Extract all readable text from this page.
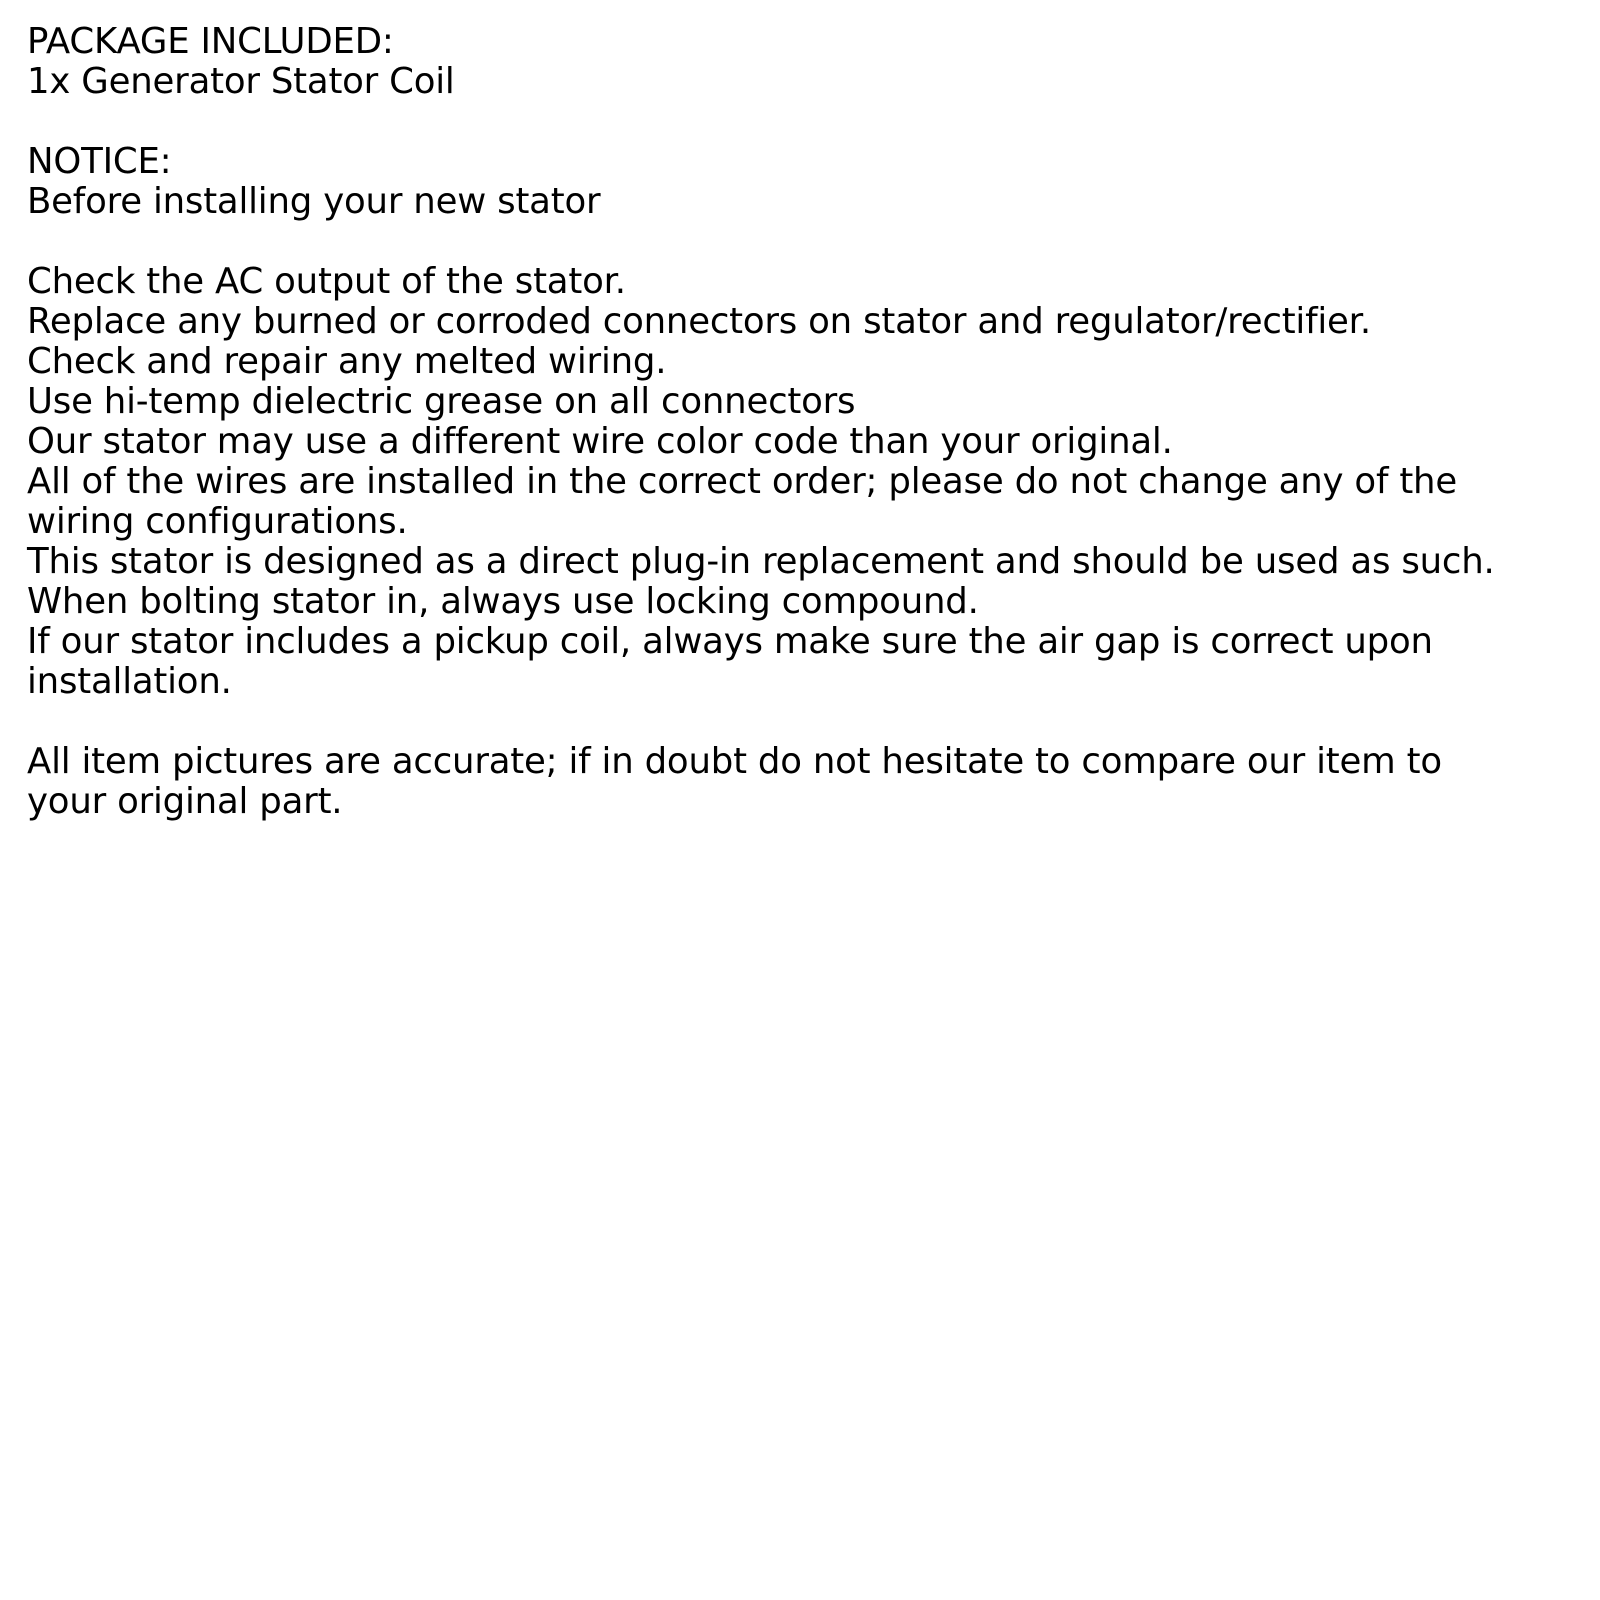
PACKAGE INCLUDED:
1x Generator Stator Coil
NOTICE:
Before installing your new stator
Check the AC output of the stator.
Replace any burned or corroded connectors on stator and regulator/rectifier.
Check and repair any melted wiring.
Use hi-temp dielectric grease on all connectors
Our stator may use a different wire color code than your original.
All of the wires are installed in the correct order; please do not change any of the
wiring configurations.
This stator is designed as a direct plug-in replacement and should be used as such.
When bolting stator in, always use locking compound.
If our stator includes a pickup coil, always make sure the air gap is correct upon
installation.
All item pictures are accurate; if in doubt do not hesitate to compare our item to
your original part.
